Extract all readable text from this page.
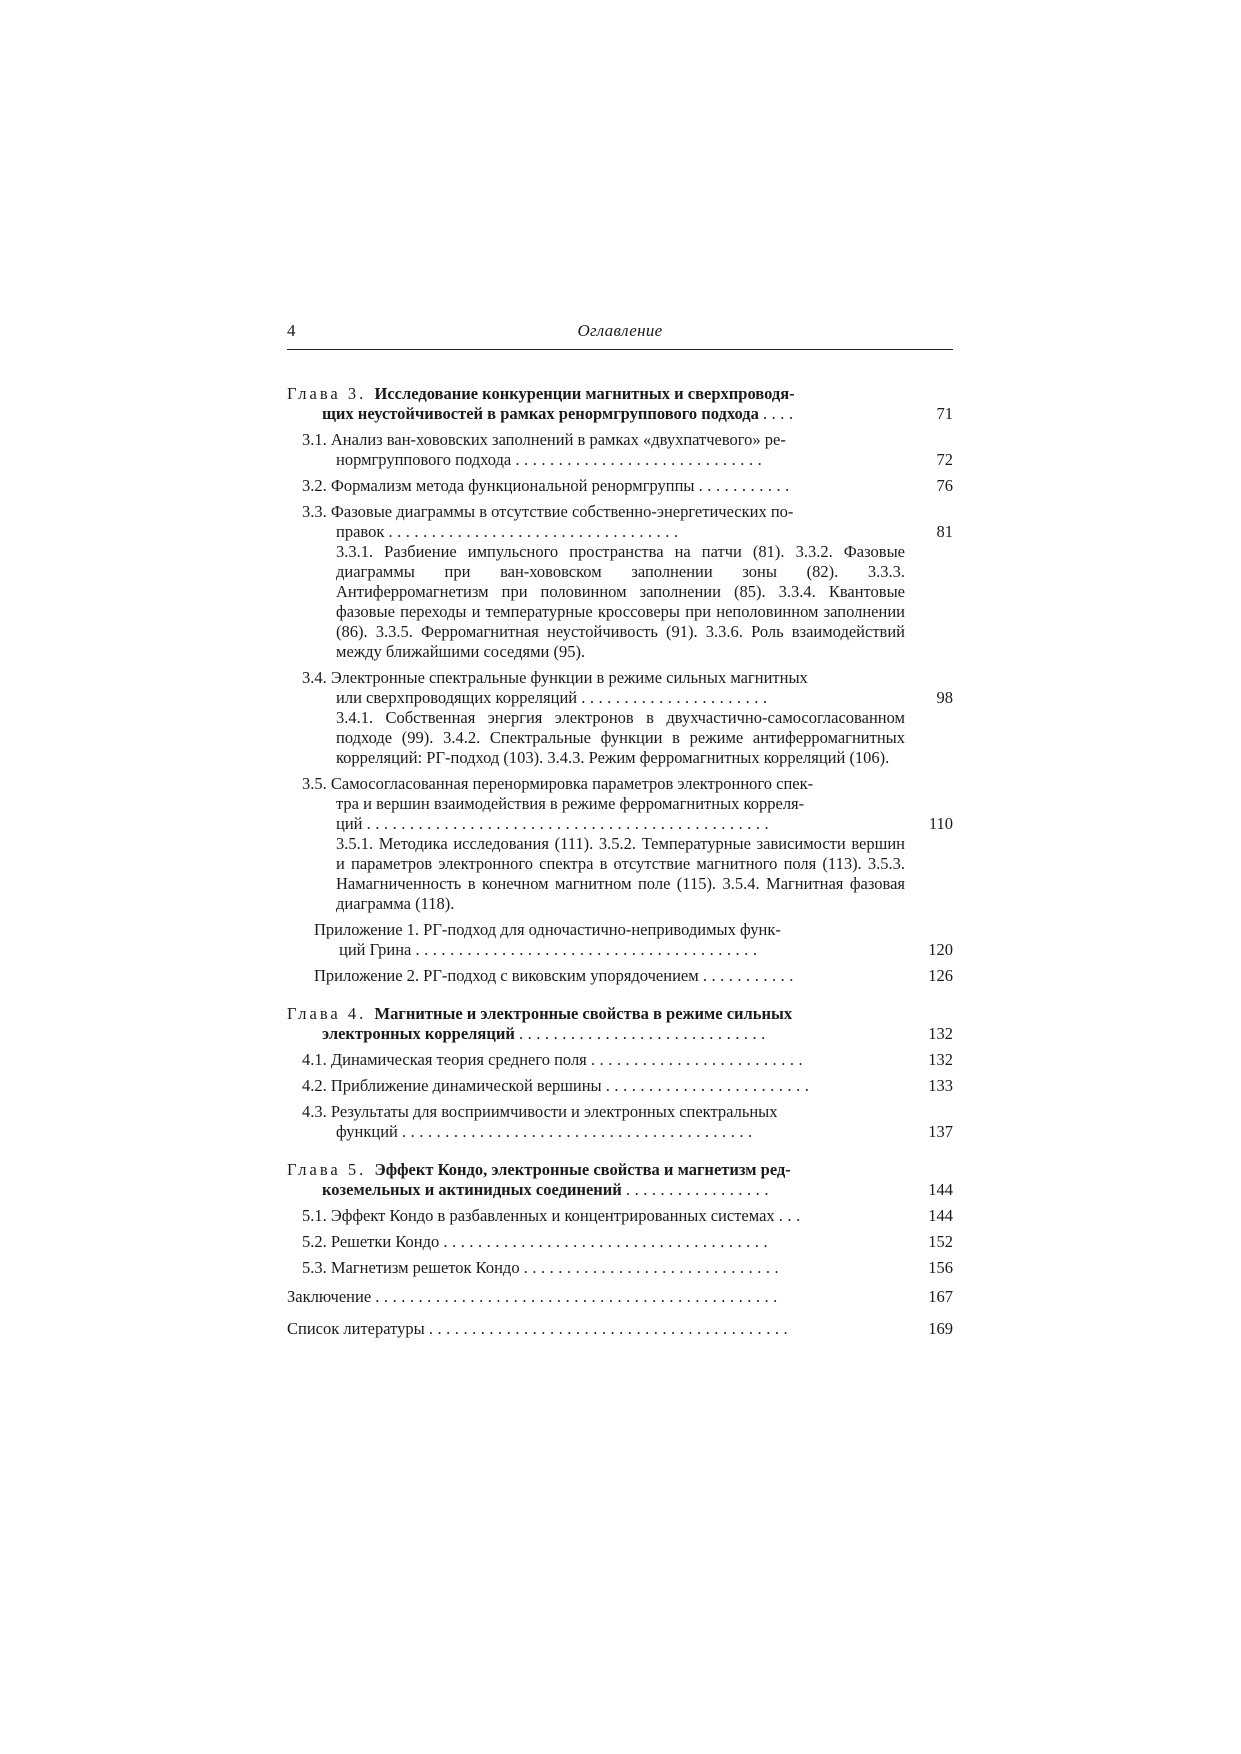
4	Оглавление
Глава 3. Исследование конкуренции магнитных и сверхпроводя-
щих неустойчивостей в рамках ренормгруппового подхода . . . .	71
3.1. Анализ ван-хововских заполнений в рамках «двухпатчевого» ре-
нормгруппового подхода . . . . . . . . . . . . . . . . . . . . . . . . . . . . .	72
3.2. Формализм метода функциональной ренормгруппы . . . . . . . . . . .	76
3.3. Фазовые диаграммы в отсутствие собственно-энергетических по-
правок . . . . . . . . . . . . . . . . . . . . . . . . . . . . . . . . . .	81
3.3.1. Разбиение импульсного пространства на патчи (81). 3.3.2. Фазовые диаграммы при ван-хововском заполнении зоны (82). 3.3.3. Антиферромагнетизм при половинном заполнении (85). 3.3.4. Квантовые фазовые переходы и температурные кроссоверы при неполовинном заполнении (86). 3.3.5. Ферромагнитная неустойчивость (91). 3.3.6. Роль взаимодействий между ближайшими соседями (95).
3.4. Электронные спектральные функции в режиме сильных магнитных
или сверхпроводящих корреляций . . . . . . . . . . . . . . . . . . . . . .	98
3.4.1. Собственная энергия электронов в двухчастично-самосогласованном подходе (99). 3.4.2. Спектральные функции в режиме антиферромагнитных корреляций: РГ-подход (103). 3.4.3. Режим ферромагнитных корреляций (106).
3.5. Самосогласованная перенормировка параметров электронного спек-
тра и вершин взаимодействия в режиме ферромагнитных корреля-
ций . . . . . . . . . . . . . . . . . . . . . . . . . . . . . . . . . . . . . . . . . . . . . . .	110
3.5.1. Методика исследования (111). 3.5.2. Температурные зависимости вершин и параметров электронного спектра в отсутствие магнитного поля (113). 3.5.3. Намагниченность в конечном магнитном поле (115). 3.5.4. Магнитная фазовая диаграмма (118).
Приложение 1. РГ-подход для одночастично-неприводимых функ-
ций Грина . . . . . . . . . . . . . . . . . . . . . . . . . . . . . . . . . . . . . . . .	120
Приложение 2. РГ-подход с виковским упорядочением . . . . . . . . . . .	126
Глава 4. Магнитные и электронные свойства в режиме сильных
электронных корреляций . . . . . . . . . . . . . . . . . . . . . . . . . . . . .	132
4.1. Динамическая теория среднего поля . . . . . . . . . . . . . . . . . . . . . . . . .	132
4.2. Приближение динамической вершины . . . . . . . . . . . . . . . . . . . . . . . .	133
4.3. Результаты для восприимчивости и электронных спектральных
функций . . . . . . . . . . . . . . . . . . . . . . . . . . . . . . . . . . . . . . . . .	137
Глава 5. Эффект Кондо, электронные свойства и магнетизм ред-
коземельных и актинидных соединений . . . . . . . . . . . . . . . . .	144
5.1. Эффект Кондо в разбавленных и концентрированных системах . . .	144
5.2. Решетки Кондо . . . . . . . . . . . . . . . . . . . . . . . . . . . . . . . . . . . . . .	152
5.3. Магнетизм решеток Кондо . . . . . . . . . . . . . . . . . . . . . . . . . . . . . .	156
Заключение . . . . . . . . . . . . . . . . . . . . . . . . . . . . . . . . . . . . . . . . . . . . . . .	167
Список литературы . . . . . . . . . . . . . . . . . . . . . . . . . . . . . . . . . . . . . . . . . .	169
